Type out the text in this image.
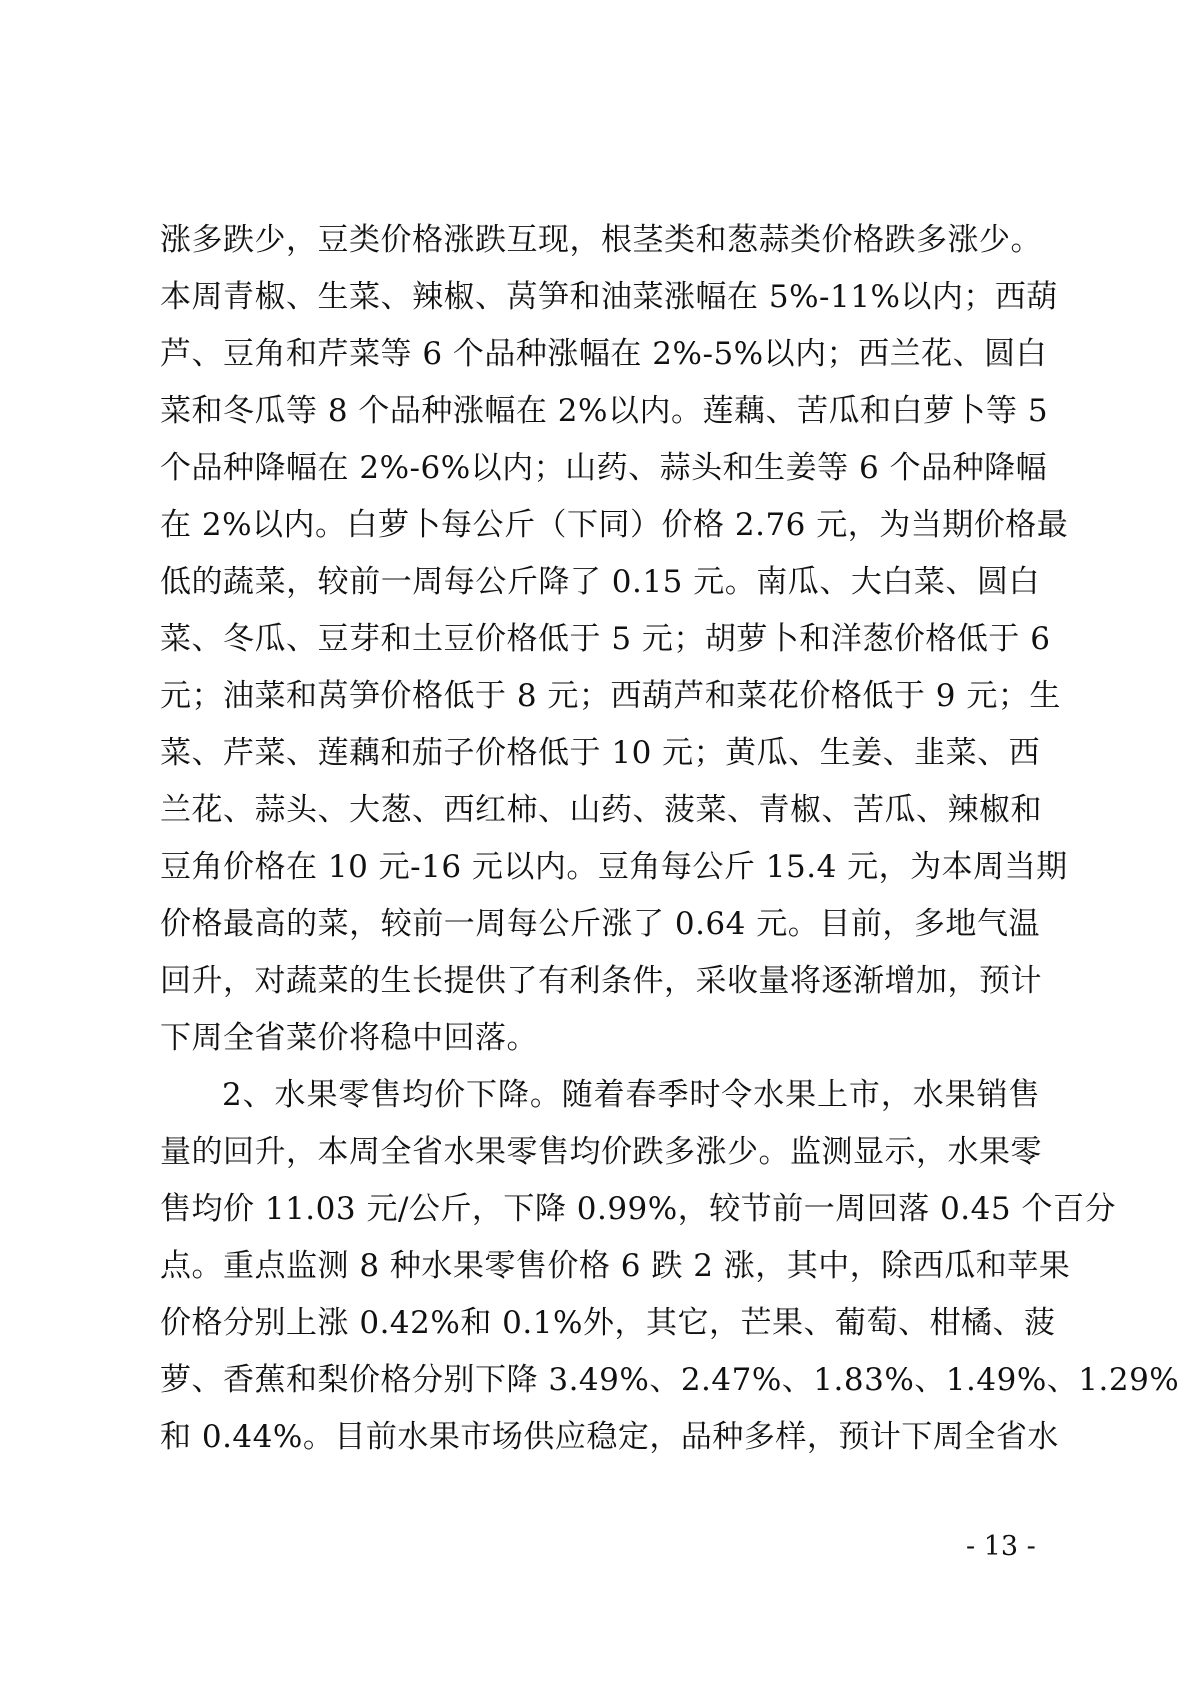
涨多跌少，豆类价格涨跌互现，根茎类和葱蒜类价格跌多涨少。
本周青椒、生菜、辣椒、莴笋和油菜涨幅在 5%-11%以内；西葫
芦、豆角和芹菜等 6 个品种涨幅在 2%-5%以内；西兰花、圆白
菜和冬瓜等 8 个品种涨幅在 2%以内。莲藕、苦瓜和白萝卜等 5
个品种降幅在 2%-6%以内；山药、蒜头和生姜等 6 个品种降幅
在 2%以内。白萝卜每公斤（下同）价格 2.76 元，为当期价格最
低的蔬菜，较前一周每公斤降了 0.15 元。南瓜、大白菜、圆白
菜、冬瓜、豆芽和土豆价格低于 5 元；胡萝卜和洋葱价格低于 6
元；油菜和莴笋价格低于 8 元；西葫芦和菜花价格低于 9 元；生
菜、芹菜、莲藕和茄子价格低于 10 元；黄瓜、生姜、韭菜、西
兰花、蒜头、大葱、西红柿、山药、菠菜、青椒、苦瓜、辣椒和
豆角价格在 10 元-16 元以内。豆角每公斤 15.4 元，为本周当期
价格最高的菜，较前一周每公斤涨了 0.64 元。目前，多地气温
回升，对蔬菜的生长提供了有利条件，采收量将逐渐增加，预计
下周全省菜价将稳中回落。
2、水果零售均价下降。随着春季时令水果上市，水果销售
量的回升，本周全省水果零售均价跌多涨少。监测显示，水果零
售均价 11.03 元/公斤，下降 0.99%，较节前一周回落 0.45 个百分
点。重点监测 8 种水果零售价格 6 跌 2 涨，其中，除西瓜和苹果
价格分别上涨 0.42%和 0.1%外，其它，芒果、葡萄、柑橘、菠
萝、香蕉和梨价格分别下降 3.49%、2.47%、1.83%、1.49%、1.29%
和 0.44%。目前水果市场供应稳定，品种多样，预计下周全省水
- 13 -
